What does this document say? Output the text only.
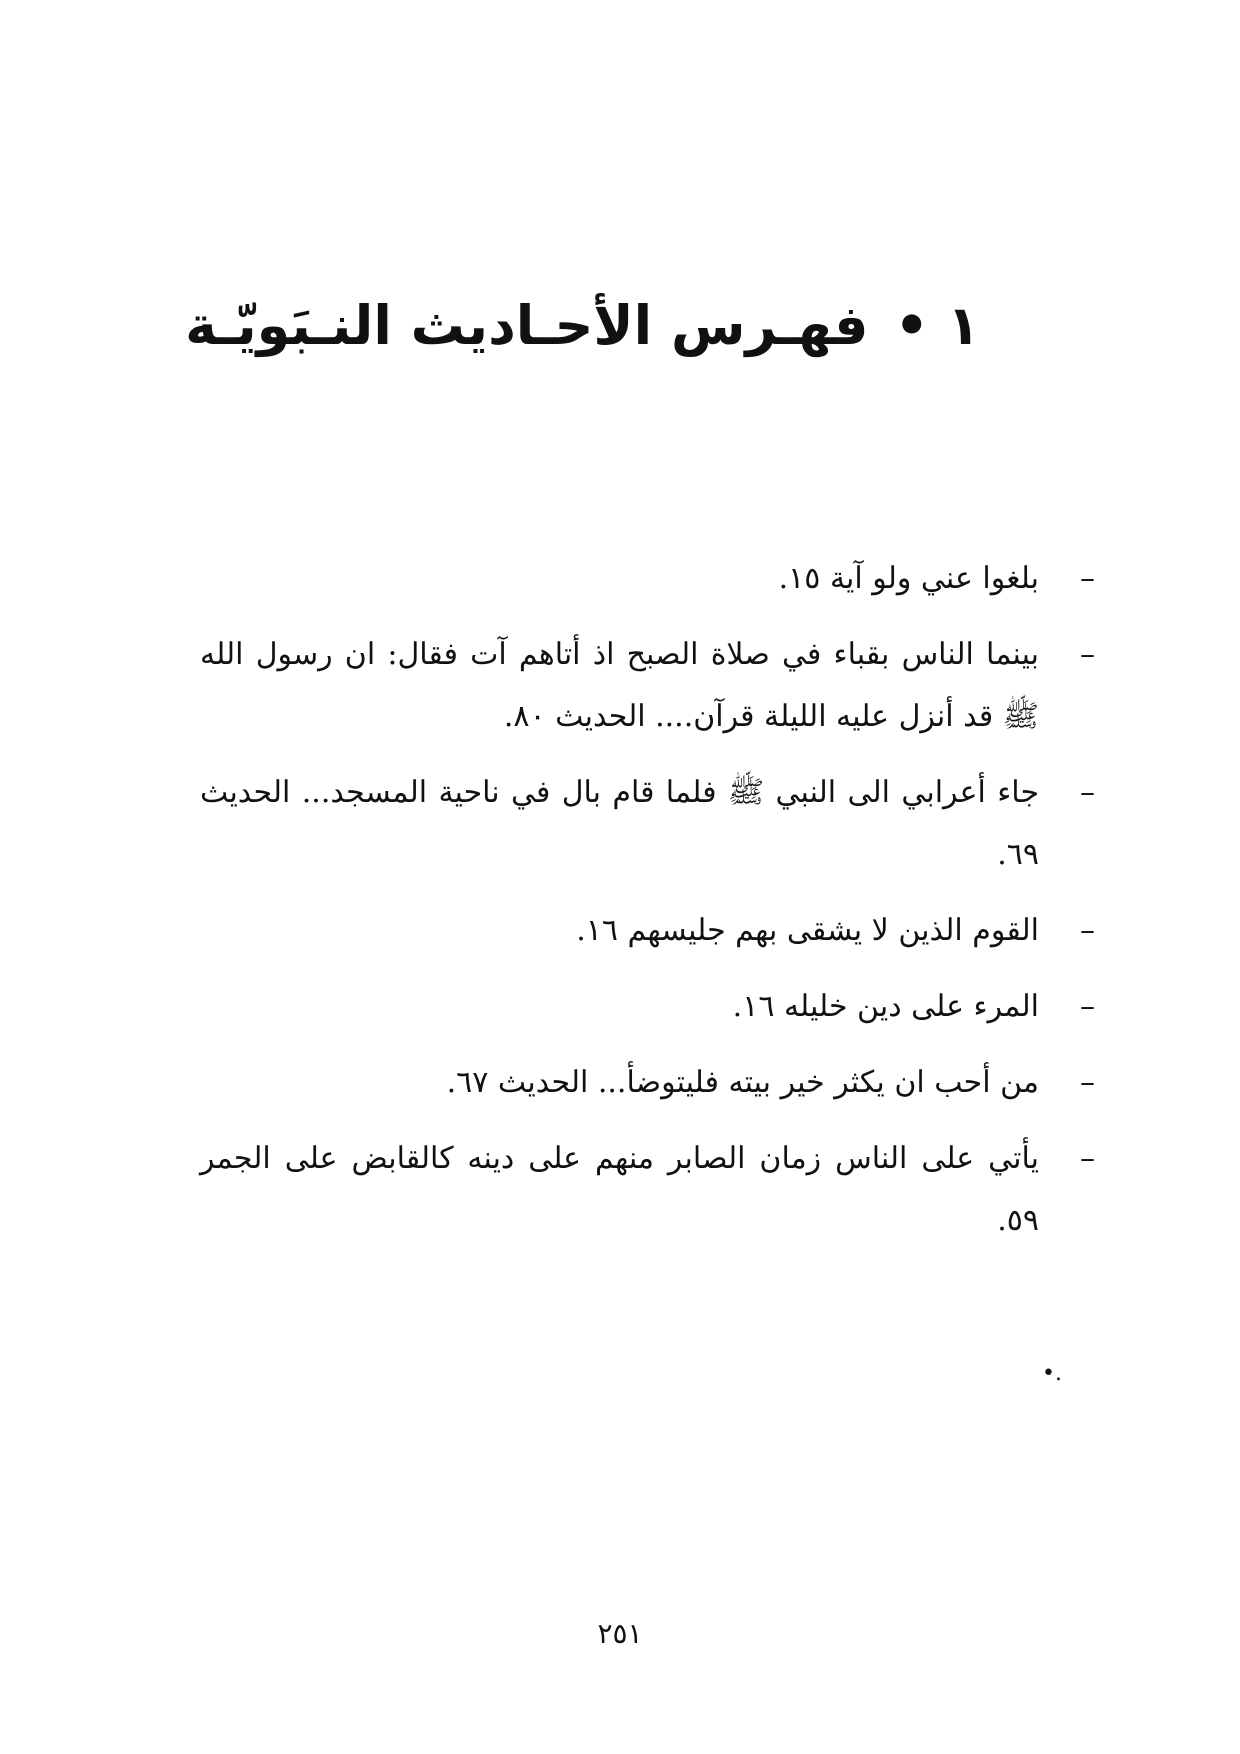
١•فهـرس الأحـاديث النـبَويّـة
–
بلغوا عني ولو آية ١٥.
–
بينما الناس بقباء في صلاة الصبح اذ أتاهم آت فقال: ان رسول الله ﷺ قد أنزل عليه الليلة قرآن.... الحديث ٨٠.
–
جاء أعرابي الى النبي ﷺ فلما قام بال في ناحية المسجد... الحديث ٦٩.
–
القوم الذين لا يشقى بهم جليسهم ١٦.
–
المرء على دين خليله ١٦.
–
من أحب ان يكثر خير بيته فليتوضأ... الحديث ٦٧.
–
يأتي على الناس زمان الصابر منهم على دينه كالقابض على الجمر ٥٩.
•.
٢٥١
